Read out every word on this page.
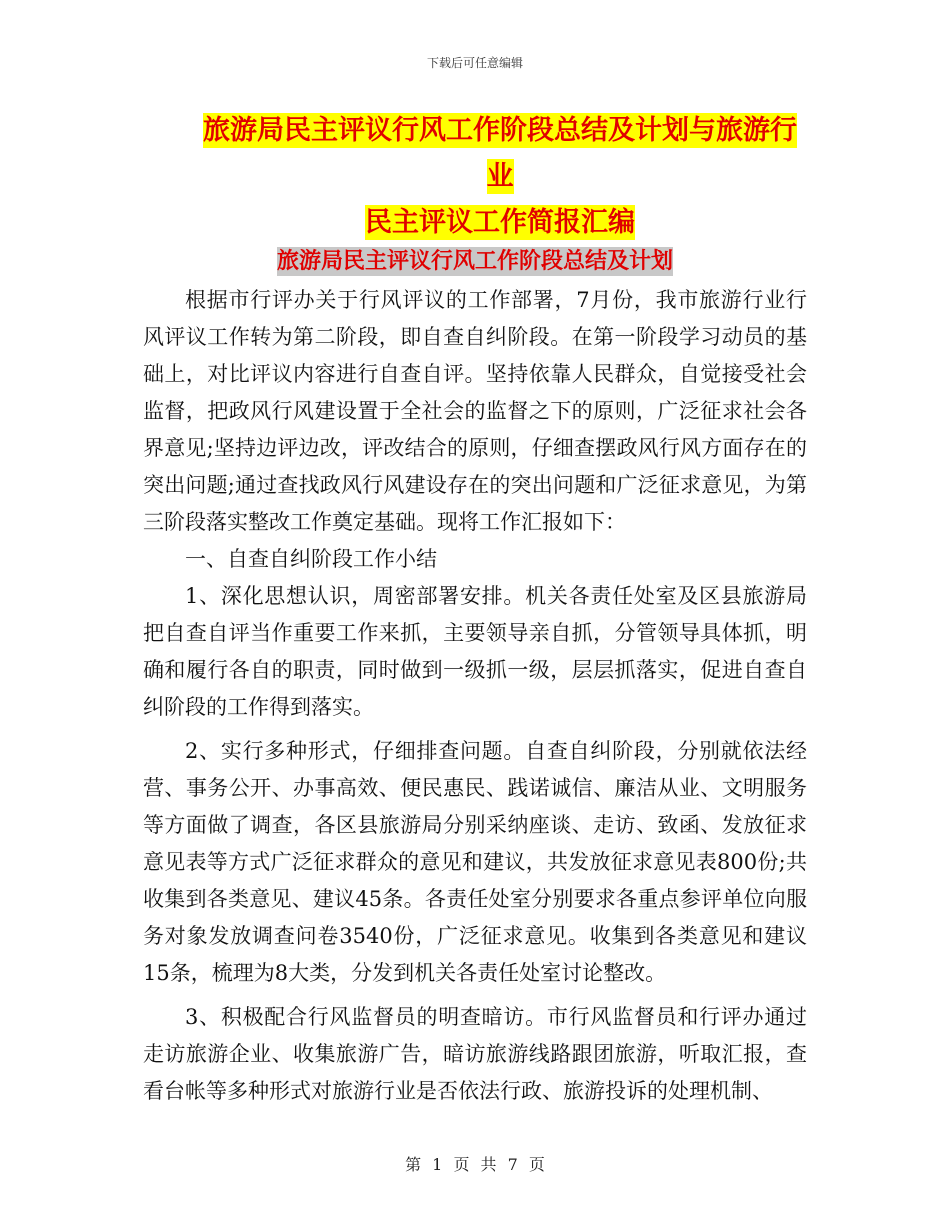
下载后可任意编辑
旅游局民主评议行风工作阶段总结及计划与旅游行业
民主评议工作简报汇编
旅游局民主评议行风工作阶段总结及计划

根据市行评办关于行风评议的工作部署，7月份，我市旅游行业行风评议工作转为第二阶段，即自查自纠阶段。在第一阶段学习动员的基础上，对比评议内容进行自查自评。坚持依靠人民群众，自觉接受社会监督，把政风行风建设置于全社会的监督之下的原则，广泛征求社会各界意见;坚持边评边改，评改结合的原则，仔细查摆政风行风方面存在的突出问题;通过查找政风行风建设存在的突出问题和广泛征求意见，为第三阶段落实整改工作奠定基础。现将工作汇报如下：

一、自查自纠阶段工作小结

1、深化思想认识，周密部署安排。机关各责任处室及区县旅游局把自查自评当作重要工作来抓，主要领导亲自抓，分管领导具体抓，明确和履行各自的职责，同时做到一级抓一级，层层抓落实，促进自查自纠阶段的工作得到落实。

2、实行多种形式，仔细排查问题。自查自纠阶段，分别就依法经营、事务公开、办事高效、便民惠民、践诺诚信、廉洁从业、文明服务等方面做了调查，各区县旅游局分别采纳座谈、走访、致函、发放征求意见表等方式广泛征求群众的意见和建议，共发放征求意见表800份;共收集到各类意见、建议45条。各责任处室分别要求各重点参评单位向服务对象发放调查问卷3540份，广泛征求意见。收集到各类意见和建议15条，梳理为8大类，分发到机关各责任处室讨论整改。

3、积极配合行风监督员的明查暗访。市行风监督员和行评办通过走访旅游企业、收集旅游广告，暗访旅游线路跟团旅游，听取汇报，查看台帐等多种形式对旅游行业是否依法行政、旅游投诉的处理机制、

第 1 页 共 7 页
